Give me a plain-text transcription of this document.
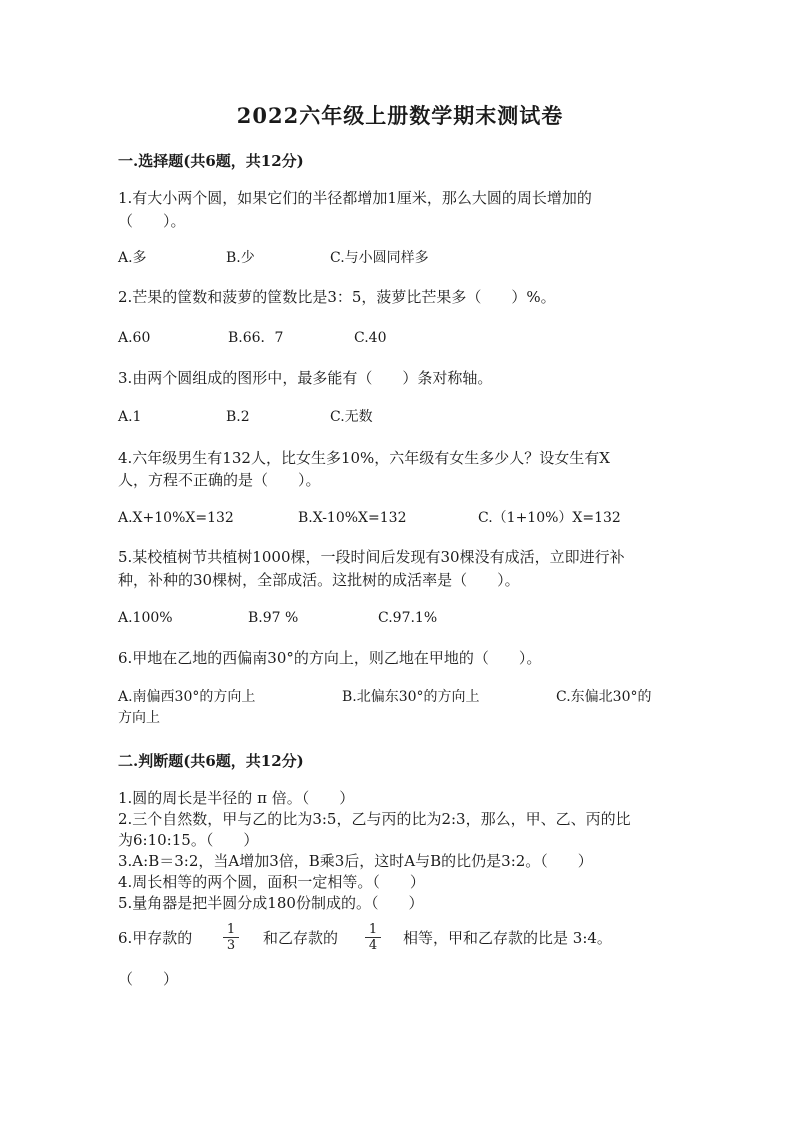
2022六年级上册数学期末测试卷
一.选择题(共6题，共12分)
1.有大小两个圆，如果它们的半径都增加1厘米，那么大圆的周长增加的
（　　）。
A.多	B.少	C.与小圆同样多
2.芒果的筐数和菠萝的筐数比是3：5，菠萝比芒果多（　　）%。
A.60	B.66．7	C.40
3.由两个圆组成的图形中，最多能有（　　）条对称轴。
A.1	B.2	C.无数
4.六年级男生有132人，比女生多10%，六年级有女生多少人？设女生有X
人，方程不正确的是（　　）。
A.X+10%X=132	B.X-10%X=132	C.（1+10%）X=132
5.某校植树节共植树1000棵，一段时间后发现有30棵没有成活，立即进行补
种，补种的30棵树，全部成活。这批树的成活率是（　　）。
A.100%	B.97 %	C.97.1%
6.甲地在乙地的西偏南30°的方向上，则乙地在甲地的（　　）。
A.南偏西30°的方向上	B.北偏东30°的方向上	C.东偏北30°的
方向上
二.判断题(共6题，共12分)
1.圆的周长是半径的 π 倍。（　　）
2.三个自然数，甲与乙的比为3:5，乙与丙的比为2:3，那么，甲、乙、丙的比
为6:10:15。（　　）
3.A:B＝3:2，当A增加3倍，B乘3后，这时A与B的比仍是3:2。（　　）
4.周长相等的两个圆，面积一定相等。（　　）
5.量角器是把半圆分成180份制成的。（　　）
6.甲存款的 $\frac{1}{3}$ 和乙存款的 $\frac{1}{4}$ 相等，甲和乙存款的比是 3:4。
（　　）
